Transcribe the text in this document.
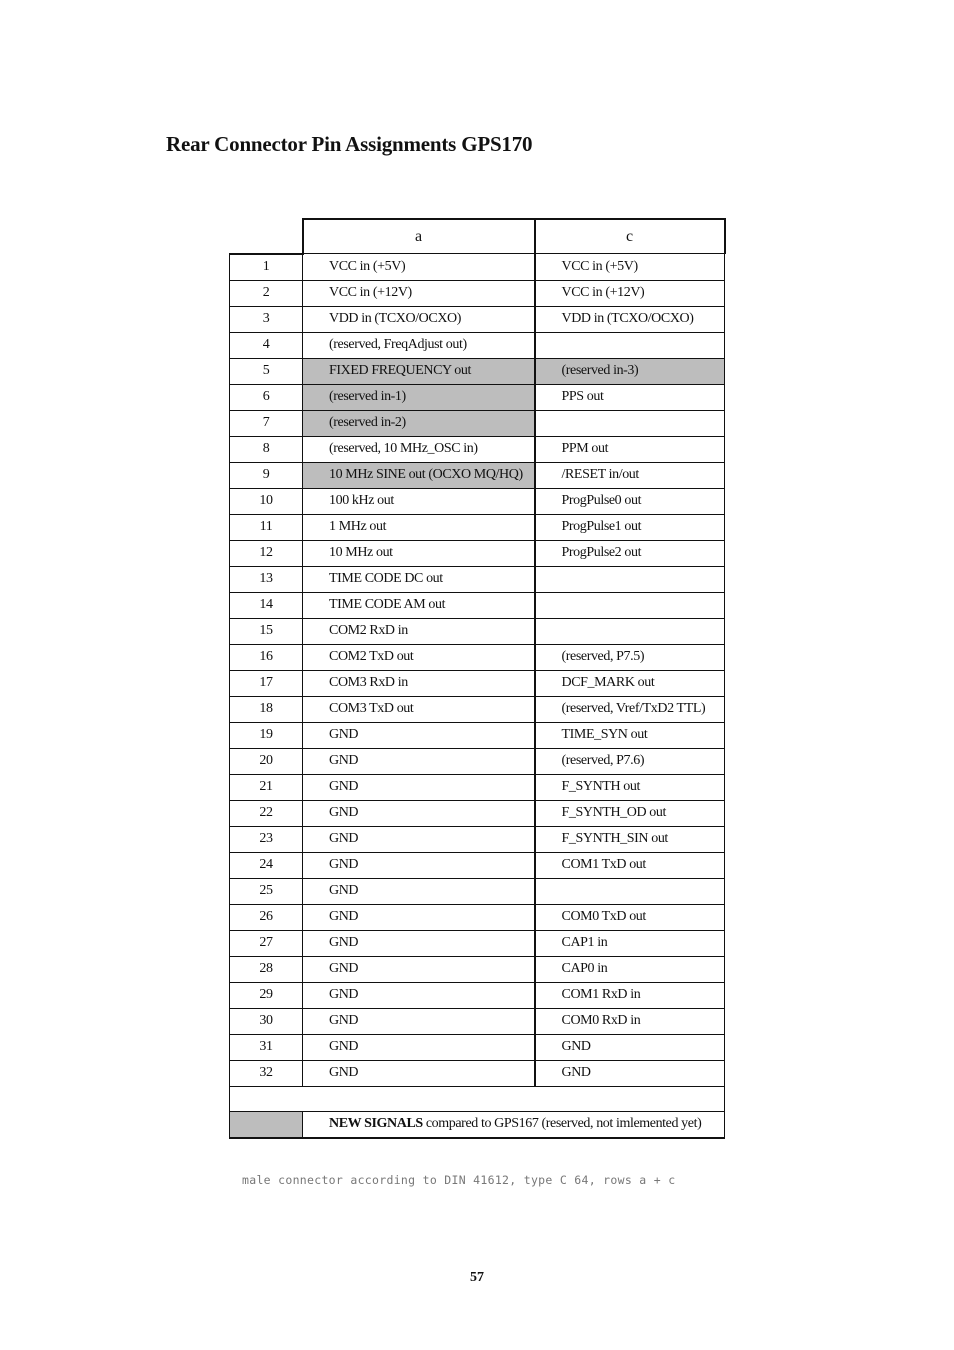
Rear Connector Pin Assignments GPS170
	a	c
1	VCC in (+5V)	VCC in (+5V)
2	VCC in (+12V)	VCC in (+12V)
3	VDD in (TCXO/OCXO)	VDD in (TCXO/OCXO)
4	(reserved, FreqAdjust out)	
5	FIXED FREQUENCY out	(reserved in-3)
6	(reserved in-1)	PPS out
7	(reserved in-2)	
8	(reserved, 10 MHz_OSC in)	PPM out
9	10 MHz SINE out (OCXO MQ/HQ)	/RESET in/out
10	100 kHz out	ProgPulse0 out
11	1 MHz out	ProgPulse1 out
12	10 MHz out	ProgPulse2 out
13	TIME CODE DC out	
14	TIME CODE AM out	
15	COM2 RxD in	
16	COM2 TxD out	(reserved, P7.5)
17	COM3 RxD in	DCF_MARK out
18	COM3 TxD out	(reserved, Vref/TxD2 TTL)
19	GND	TIME_SYN out
20	GND	(reserved, P7.6)
21	GND	F_SYNTH out
22	GND	F_SYNTH_OD out
23	GND	F_SYNTH_SIN out
24	GND	COM1 TxD out
25	GND	
26	GND	COM0 TxD out
27	GND	CAP1 in
28	GND	CAP0 in
29	GND	COM1 RxD in
30	GND	COM0 RxD in
31	GND	GND
32	GND	GND

	NEW SIGNALS compared to GPS167 (reserved, not imlemented yet)	
male connector according to DIN 41612, type C 64, rows a + c
57
